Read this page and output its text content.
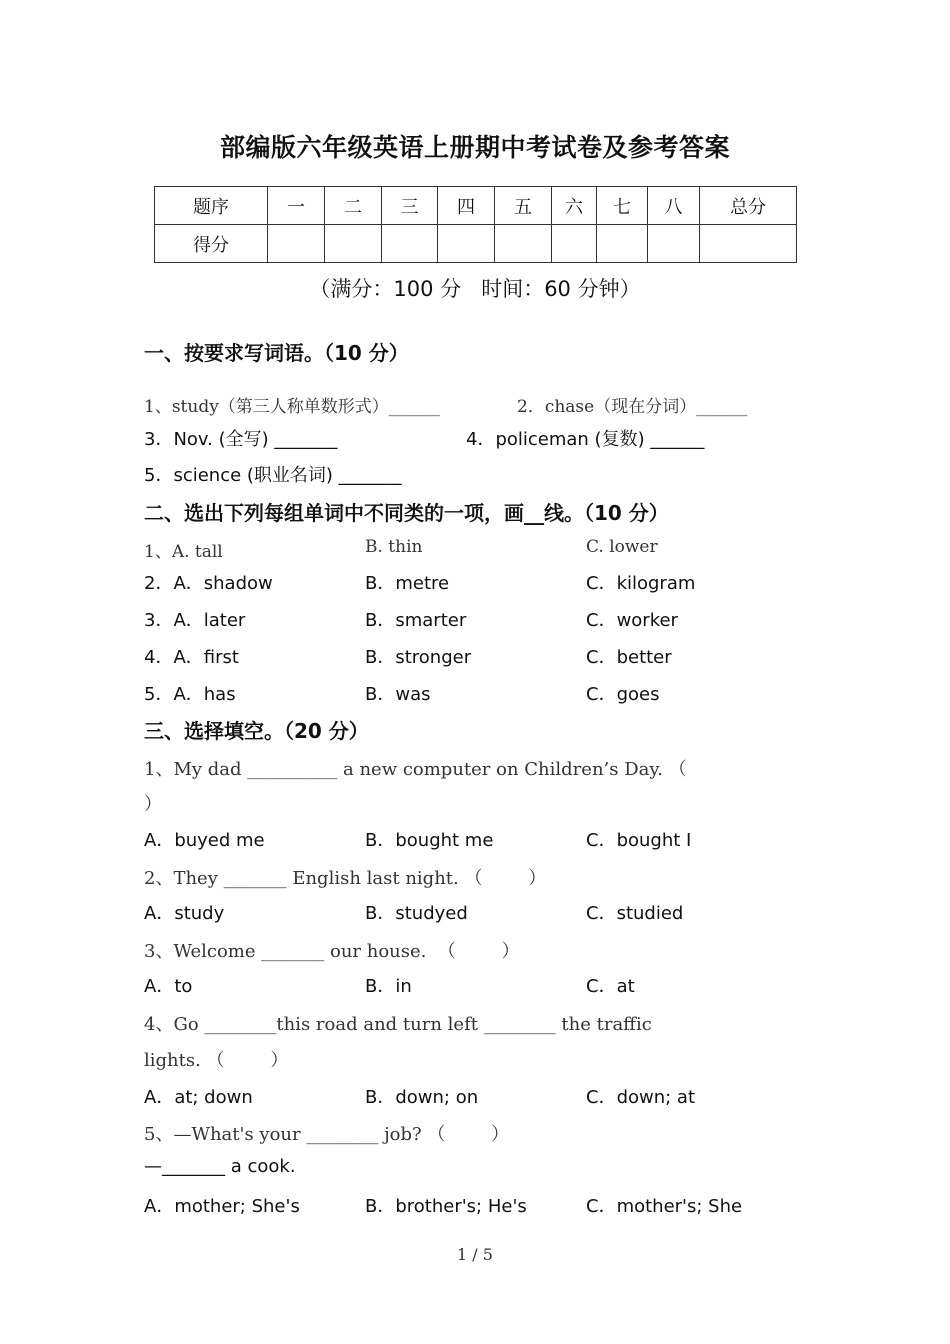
部编版六年级英语上册期中考试卷及参考答案
题序	一	二	三	四	五	六	七	八	总分
得分									
（满分：100 分   时间：60 分钟）
一、按要求写词语。（10 分）
1、study（第三人称单数形式）______	2．chase（现在分词）______
3．Nov. (全写) _______	4．policeman (复数) ______
5．science (职业名词) _______
二、选出下列每组单词中不同类的一项，画__线。（10 分）
1、A. tall	B. thin	C. lower
2．A．shadow	B．metre	C．kilogram
3．A．later	B．smarter	C．worker
4．A．first	B．stronger	C．better
5．A．has	B．was	C．goes
三、选择填空。（20 分）
1、My dad __________ a new computer on Children’s Day. （
）
A．buyed me	B．bought me	C．bought I
2、They _______ English last night. （        ）
A．study	B．studyed	C．studied
3、Welcome _______ our house.  （        ）
A．to	B．in	C．at
4、Go ________this road and turn left ________ the traffic
lights. （        ）
A．at; down	B．down; on	C．down; at
5、—What's your ________ job? （        ）
—_______ a cook.
A．mother; She's	B．brother's; He's	C．mother's; She
1 / 5
